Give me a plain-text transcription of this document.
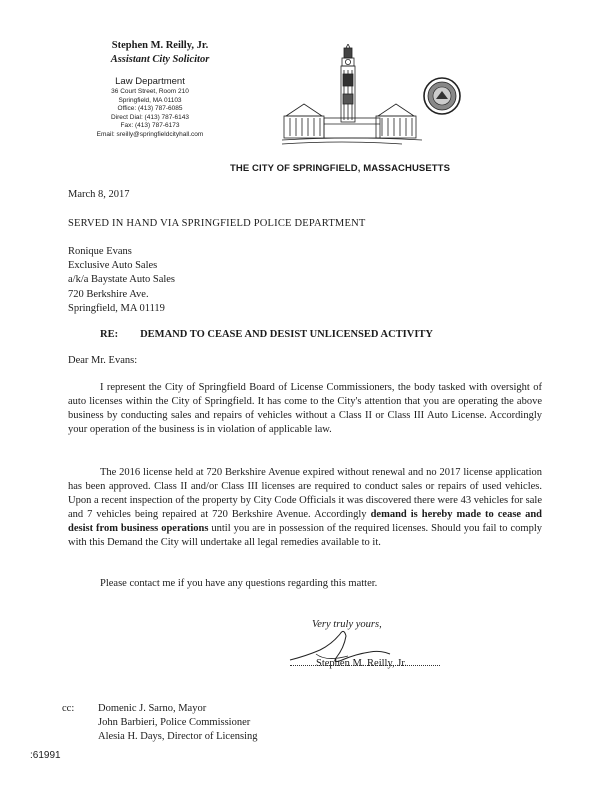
Stephen M. Reilly, Jr.
Assistant City Solicitor
Law Department
36 Court Street, Room 210
Springfield, MA 01103
Office: (413) 787-6085
Direct Dial: (413) 787-6143
Fax: (413) 787-6173
Email: sreilly@springfieldcityhall.com
THE CITY OF SPRINGFIELD, MASSACHUSETTS
March 8, 2017
SERVED IN HAND VIA SPRINGFIELD POLICE DEPARTMENT
Ronique Evans
Exclusive Auto Sales
a/k/a Baystate Auto Sales
720 Berkshire Ave.
Springfield, MA 01119
RE: DEMAND TO CEASE AND DESIST UNLICENSED ACTIVITY
Dear Mr. Evans:
I represent the City of Springfield Board of License Commissioners, the body tasked with oversight of auto licenses within the City of Springfield. It has come to the City's attention that you are operating the above business by conducting sales and repairs of vehicles without a Class II or Class III Auto License. Accordingly your operation of the business is in violation of applicable law.
The 2016 license held at 720 Berkshire Avenue expired without renewal and no 2017 license application has been approved. Class II and/or Class III licenses are required to conduct sales or repairs of used vehicles. Upon a recent inspection of the property by City Code Officials it was discovered there were 43 vehicles for sale and 7 vehicles being repaired at 720 Berkshire Avenue. Accordingly demand is hereby made to cease and desist from business operations until you are in possession of the required licenses. Should you fail to comply with this Demand the City will undertake all legal remedies available to it.
Please contact me if you have any questions regarding this matter.
Very truly yours,
Stephen M. Reilly, Jr.
cc: Domenic J. Sarno, Mayor
John Barbieri, Police Commissioner
Alesia H. Days, Director of Licensing
:61991
